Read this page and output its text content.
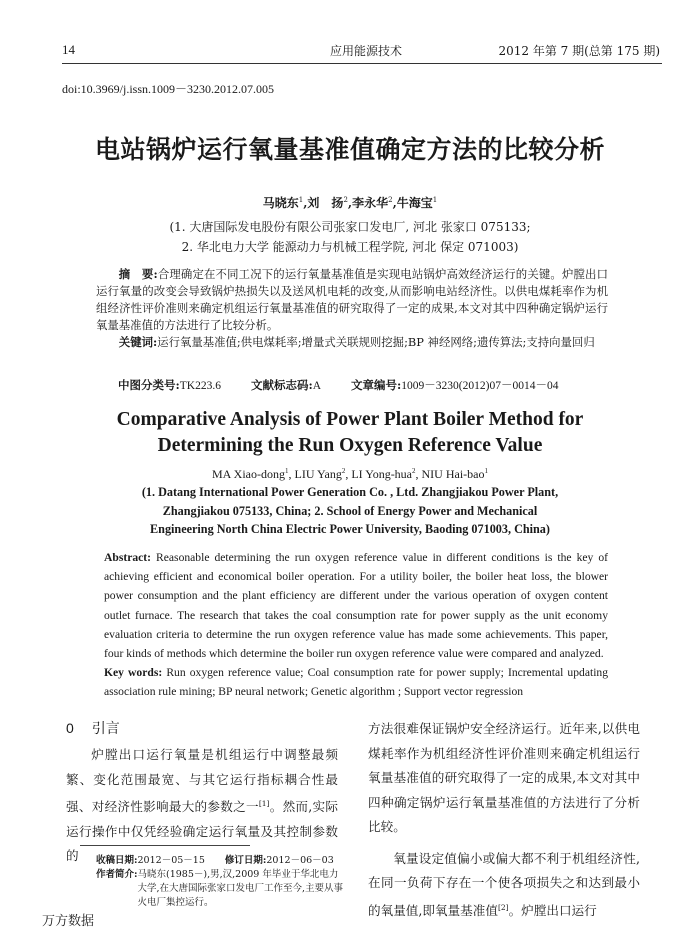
14	应用能源技术	2012 年第 7 期(总第 175 期)
doi:10.3969/j.issn.1009－3230.2012.07.005
电站锅炉运行氧量基准值确定方法的比较分析
马晓东$^1$,刘　扬$^2$,李永华$^2$,牛海宝$^1$
(1. 大唐国际发电股份有限公司张家口发电厂, 河北 张家口 075133;
2. 华北电力大学 能源动力与机械工程学院, 河北 保定 071003)
摘　要:合理确定在不同工况下的运行氧量基准值是实现电站锅炉高效经济运行的关键。炉膛出口运行氧量的改变会导致锅炉热损失以及送风机电耗的改变,从而影响电站经济性。以供电煤耗率作为机组经济性评价准则来确定机组运行氧量基准值的研究取得了一定的成果,本文对其中四种确定锅炉运行氧量基准值的方法进行了比较分析。
关键词:运行氧量基准值;供电煤耗率;增量式关联规则挖掘;BP 神经网络;遗传算法;支持向量回归
中图分类号:TK223.6	文献标志码:A	文章编号:1009－3230(2012)07－0014－04
Comparative Analysis of Power Plant Boiler Method for
Determining the Run Oxygen Reference Value
MA Xiao-dong$^1$, LIU Yang$^2$, LI Yong-hua$^2$, NIU Hai-bao$^1$
(1. Datang International Power Generation Co. , Ltd. Zhangjiakou Power Plant,
Zhangjiakou 075133, China; 2. School of Energy Power and Mechanical
Engineering North China Electric Power University, Baoding 071003, China)
Abstract: Reasonable determining the run oxygen reference value in different conditions is the key of achieving efficient and economical boiler operation. For a utility boiler, the boiler heat loss, the blower power consumption and the plant efficiency are different under the various operation of oxygen content outlet furnace. The research that takes the coal consumption rate for power supply as the unit economy evaluation criteria to determine the run oxygen reference value has made some achievements. This paper, four kinds of methods which determine the boiler run oxygen reference value were compared and analyzed.
Key words: Run oxygen reference value; Coal consumption rate for power supply; Incremental updating association rule mining; BP neural network; Genetic algorithm ; Support vector regression
0 引言

炉膛出口运行氧量是机组运行中调整最频繁、变化范围最宽、与其它运行指标耦合性最强、对经济性影响最大的参数之一[1]。然而,实际运行操作中仅凭经验确定运行氧量及其控制参数的

方法很难保证锅炉安全经济运行。近年来,以供电煤耗率作为机组经济性评价准则来确定机组运行氧量基准值的研究取得了一定的成果,本文对其中四种确定锅炉运行氧量基准值的方法进行了分析比较。

氧量设定值偏小或偏大都不利于机组经济性,在同一负荷下存在一个使各项损失之和达到最小的氧量值,即氧量基准值[2]。炉膛出口运行

收稿日期: 2012－05－15 修订日期: 2012－06－03
作者简介: 马晓东(1985－),男,汉,2009 年毕业于华北电力大学,在大唐国际张家口发电厂工作至今,主要从事火电厂集控运行。
万方数据
